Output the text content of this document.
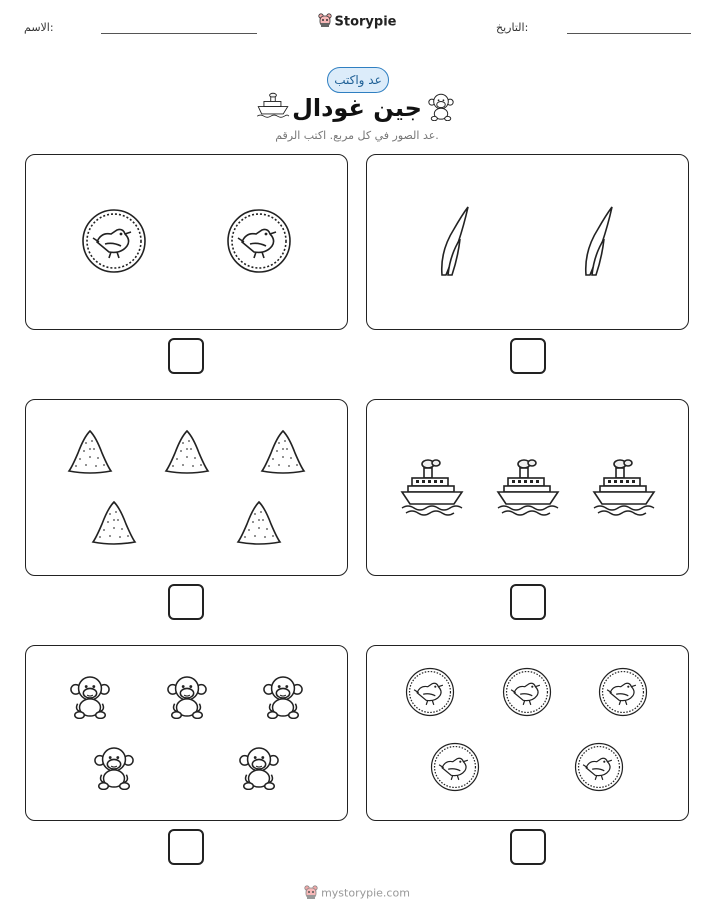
الاسم:	Storypie	التاريخ:
عد واكتب
جين غودال
عد الصور في كل مربع. اكتب الرقم.
mystorypie.com
